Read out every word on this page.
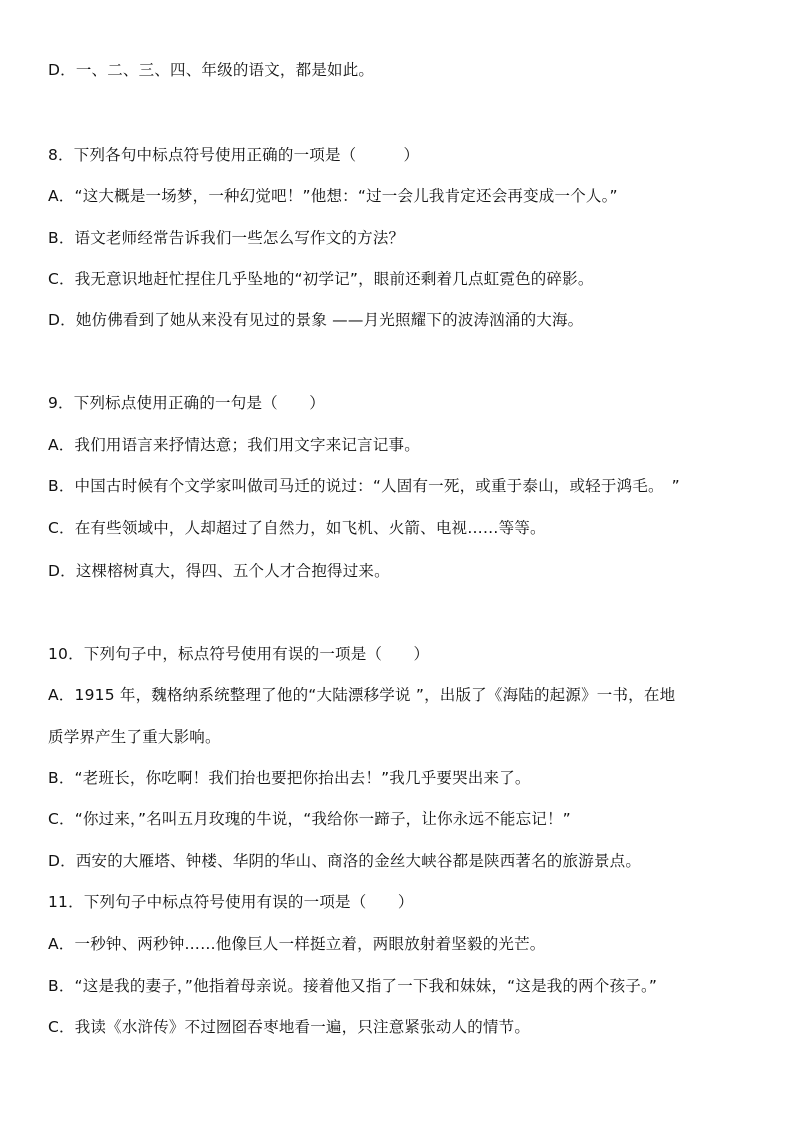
D．一、二、三、四、年级的语文，都是如此。
8．下列各句中标点符号使用正确的一项是（　　　）
A．“这大概是一场梦，一种幻觉吧！”他想：“过一会儿我肯定还会再变成一个人。”
B．语文老师经常告诉我们一些怎么写作文的方法？
C．我无意识地赶忙捏住几乎坠地的“初学记”，眼前还剩着几点虹霓色的碎影。
D．她仿佛看到了她从来没有见过的景象 ——月光照耀下的波涛汹涌的大海。
9．下列标点使用正确的一句是（　　）
A．我们用语言来抒情达意；我们用文字来记言记事。
B．中国古时候有个文学家叫做司马迁的说过：“人固有一死，或重于泰山，或轻于鸿毛。　”
C．在有些领域中，人却超过了自然力，如飞机、火箭、电视……等等。
D．这棵榕树真大，得四、五个人才合抱得过来。
10．下列句子中，标点符号使用有误的一项是（　　）
A．1915 年，魏格纳系统整理了他的“大陆漂移学说 ”，出版了《海陆的起源》一书，在地
质学界产生了重大影响。
B．“老班长，你吃啊！我们抬也要把你抬出去！”我几乎要哭出来了。
C．“你过来，”名叫五月玫瑰的牛说，“我给你一蹄子，让你永远不能忘记！”
D．西安的大雁塔、钟楼、华阴的华山、商洛的金丝大峡谷都是陕西著名的旅游景点。
11．下列句子中标点符号使用有误的一项是（　　）
A．一秒钟、两秒钟……他像巨人一样挺立着，两眼放射着坚毅的光芒。
B．“这是我的妻子，”他指着母亲说。接着他又指了一下我和妹妹，“这是我的两个孩子。”
C．我读《水浒传》不过囫囵吞枣地看一遍，只注意紧张动人的情节。
